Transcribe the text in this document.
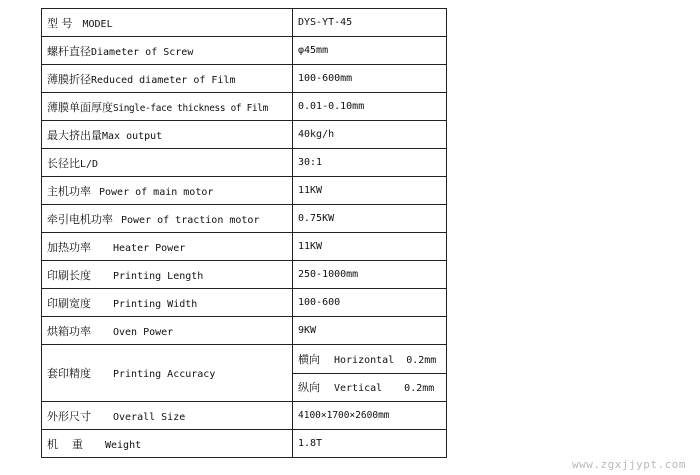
型 号 MODEL	DYS-YT-45
螺杆直径Diameter of Screw	φ45mm
薄膜折径Reduced diameter of Film	100-600mm
薄膜单面厚度Single-face thickness of Film	0.01-0.10mm
最大挤出量Max output	40kg/h
长径比L/D	30:1
主机功率 Power of main motor	11KW
牵引电机功率 Power of traction motor	0.75KW
加热功率 Heater Power	11KW
印刷长度 Printing Length	250-1000mm
印刷宽度 Printing Width	100-600
烘箱功率 Oven Power	9KW
套印精度 Printing Accuracy	横向 Horizontal 0.2mm
	纵向 Vertical 0.2mm
外形尺寸 Overall Size	4100×1700×2600mm
机    重 Weight	1.8T
www.zgxjjypt.com
